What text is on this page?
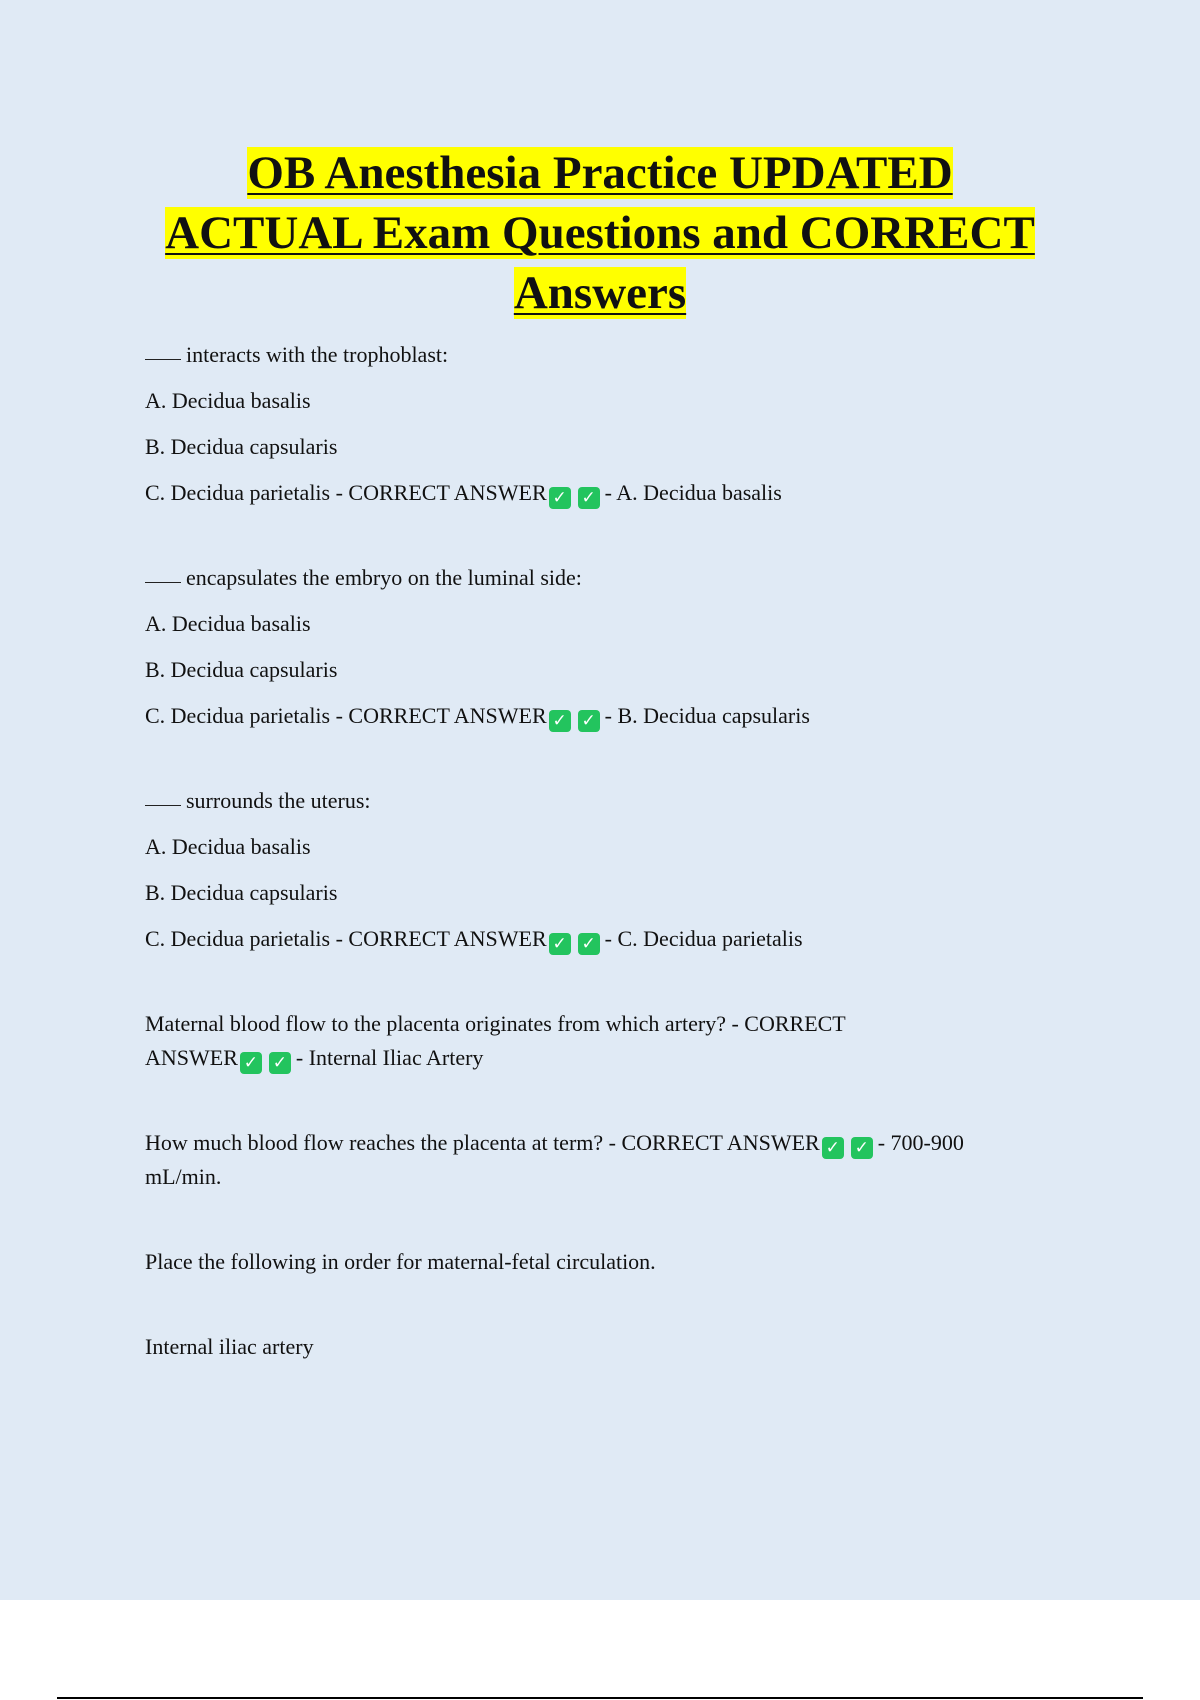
OB Anesthesia Practice UPDATED
ACTUAL Exam Questions and CORRECT
Answers

interacts with the trophoblast:

A. Decidua basalis

B. Decidua capsularis

C. Decidua parietalis - CORRECT ANSWER ✓ ✓ - A. Decidua basalis

encapsulates the embryo on the luminal side:

A. Decidua basalis

B. Decidua capsularis

C. Decidua parietalis - CORRECT ANSWER ✓ ✓ - B. Decidua capsularis

surrounds the uterus:

A. Decidua basalis

B. Decidua capsularis

C. Decidua parietalis - CORRECT ANSWER ✓ ✓ - C. Decidua parietalis

Maternal blood flow to the placenta originates from which artery? - CORRECT

ANSWER ✓ ✓ - Internal Iliac Artery

How much blood flow reaches the placenta at term? - CORRECT ANSWER ✓ ✓ - 700-900

mL/min.

Place the following in order for maternal-fetal circulation.

Internal iliac artery
